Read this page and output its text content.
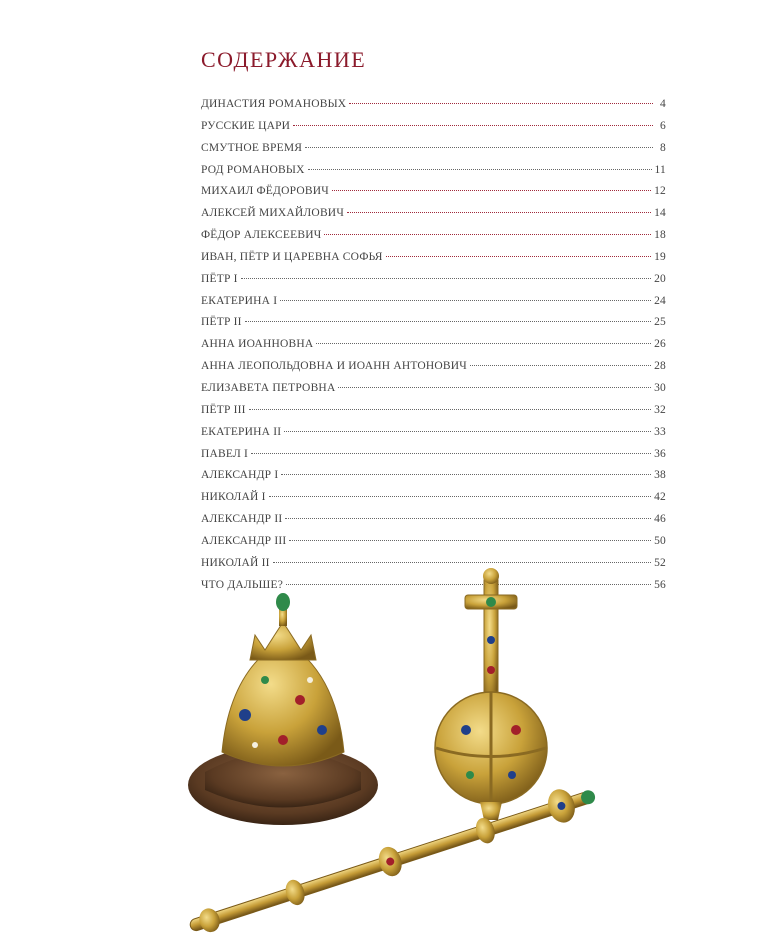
СОДЕРЖАНИЕ
ДИНАСТИЯ РОМАНОВЫХ	4
РУССКИЕ ЦАРИ	6
СМУТНОЕ ВРЕМЯ	8
РОД РОМАНОВЫХ	11
МИХАИЛ ФЁДОРОВИЧ	12
АЛЕКСЕЙ МИХАЙЛОВИЧ	14
ФЁДОР АЛЕКСЕЕВИЧ	18
ИВАН, ПЁТР И ЦАРЕВНА СОФЬЯ	19
ПЁТР I	20
ЕКАТЕРИНА I	24
ПЁТР II	25
АННА ИОАННОВНА	26
АННА ЛЕОПОЛЬДОВНА И ИОАНН АНТОНОВИЧ	28
ЕЛИЗАВЕТА ПЕТРОВНА	30
ПЁТР III	32
ЕКАТЕРИНА II	33
ПАВЕЛ I	36
АЛЕКСАНДР I	38
НИКОЛАЙ I	42
АЛЕКСАНДР II	46
АЛЕКСАНДР III	50
НИКОЛАЙ II	52
ЧТО ДАЛЬШЕ?	56
